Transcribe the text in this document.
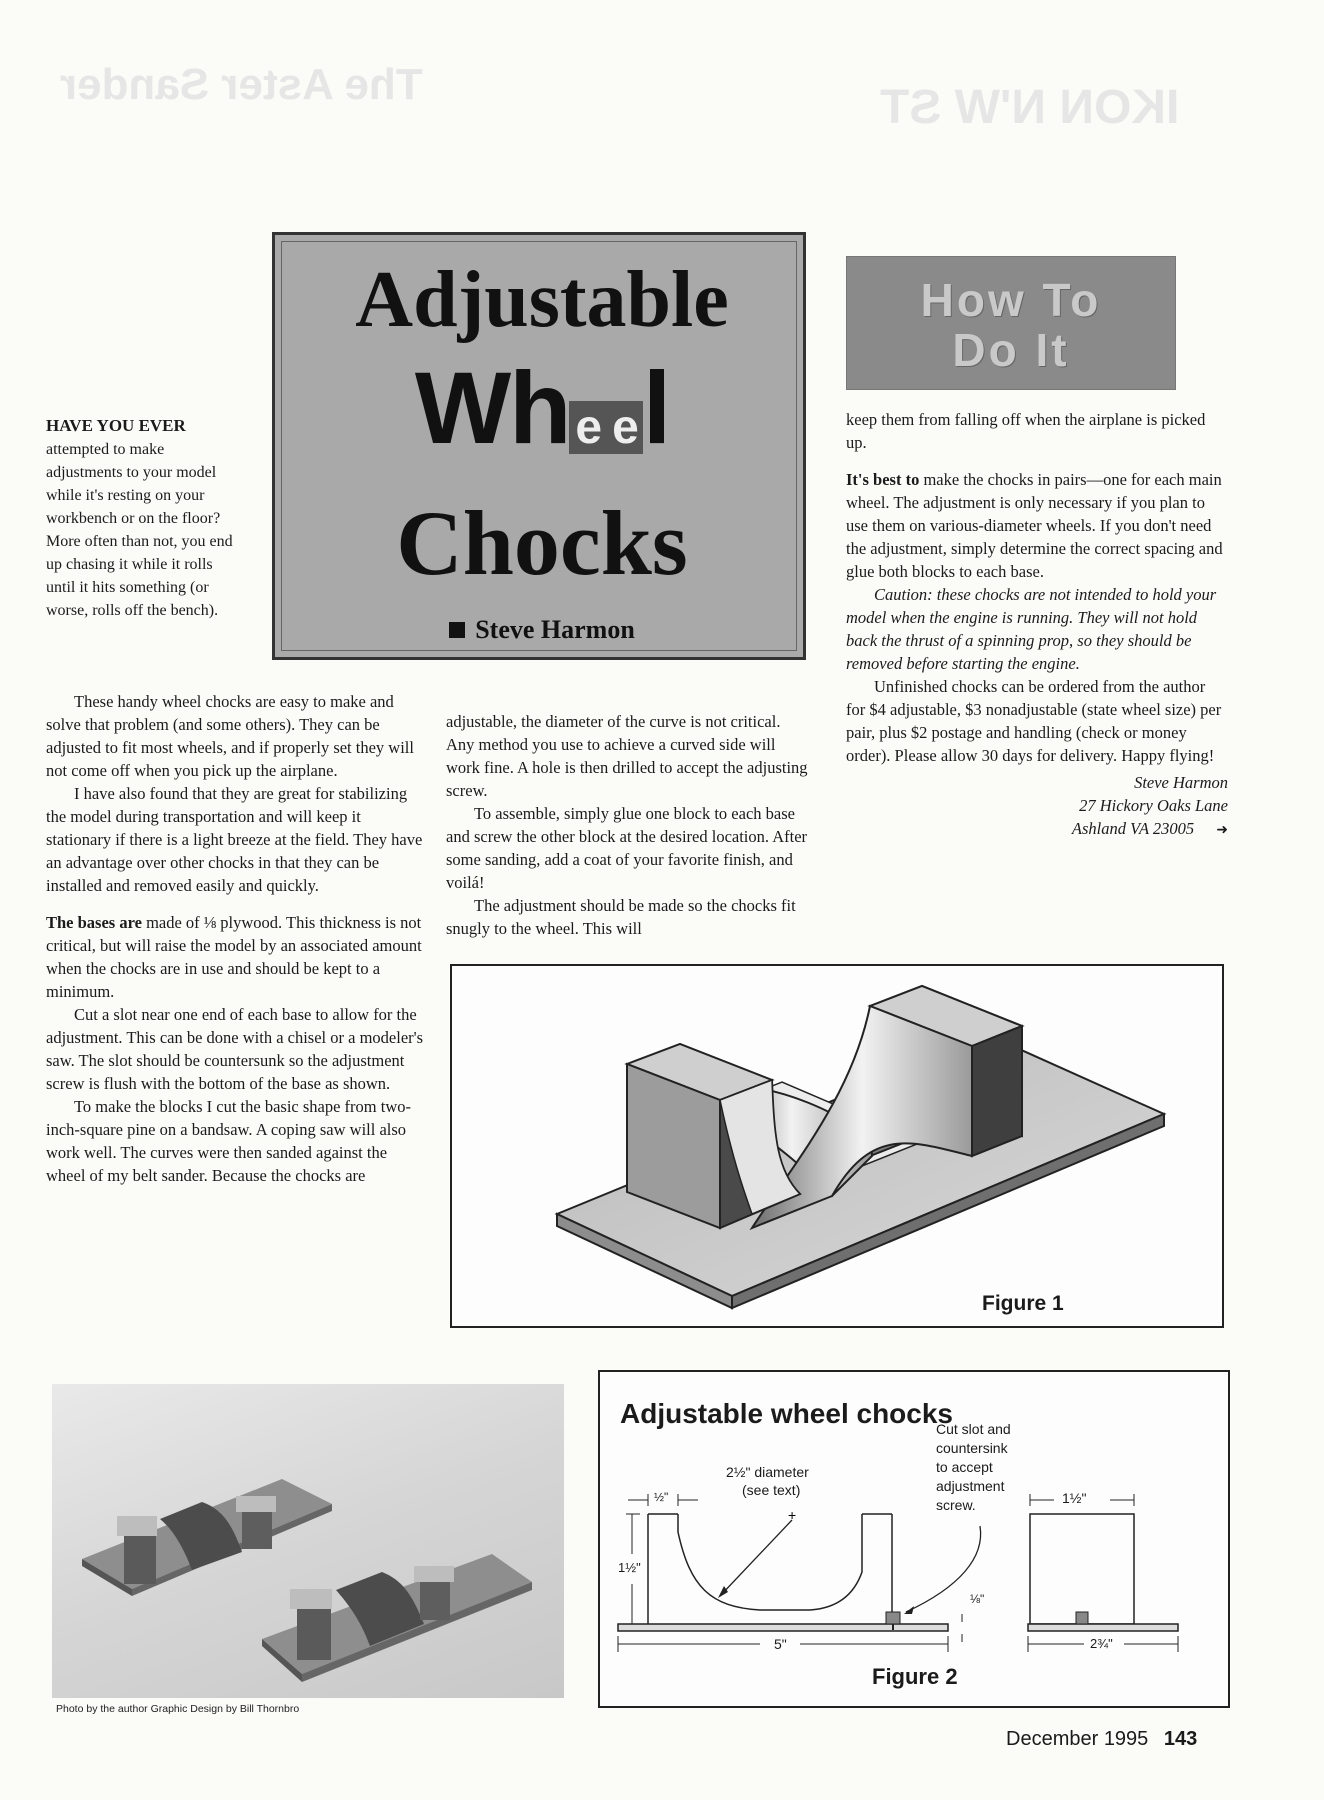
The Aster Sander	IKON N'W ST
Adjustable
Wh e el
Chocks
Steve Harmon
How To
Do It
HAVE YOU EVER
attempted to make adjustments to your model while it's resting on your workbench or on the floor? More often than not, you end up chasing it while it rolls until it hits something (or worse, rolls off the bench).

These handy wheel chocks are easy to make and solve that problem (and some others). They can be adjusted to fit most wheels, and if properly set they will not come off when you pick up the airplane.

I have also found that they are great for stabilizing the model during transportation and will keep it stationary if there is a light breeze at the field. They have an advantage over other chocks in that they can be installed and removed easily and quickly.

The bases are made of ⅛ plywood. This thickness is not critical, but will raise the model by an associated amount when the chocks are in use and should be kept to a minimum.

Cut a slot near one end of each base to allow for the adjustment. This can be done with a chisel or a modeler's saw. The slot should be countersunk so the adjustment screw is flush with the bottom of the base as shown.

To make the blocks I cut the basic shape from two-inch-square pine on a bandsaw. A coping saw will also work well. The curves were then sanded against the wheel of my belt sander. Because the chocks are

adjustable, the diameter of the curve is not critical. Any method you use to achieve a curved side will work fine. A hole is then drilled to accept the adjusting screw.

To assemble, simply glue one block to each base and screw the other block at the desired location. After some sanding, add a coat of your favorite finish, and voilá!

The adjustment should be made so the chocks fit snugly to the wheel. This will

keep them from falling off when the airplane is picked up.

It's best to make the chocks in pairs—one for each main wheel. The adjustment is only necessary if you plan to use them on various-diameter wheels. If you don't need the adjustment, simply determine the correct spacing and glue both blocks to each base.

Caution: these chocks are not intended to hold your model when the engine is running. They will not hold back the thrust of a spinning prop, so they should be removed before starting the engine.

Unfinished chocks can be ordered from the author for $4 adjustable, $3 nonadjustable (state wheel size) per pair, plus $2 postage and handling (check or money order). Please allow 30 days for delivery. Happy flying!

Steve Harmon
27 Hickory Oaks Lane
Ashland VA 23005 ➜
Figure 1
Photo by the author Graphic Design by Bill Thornbro
Adjustable wheel chocks
+
2½" diameter
(see text)
Cut slot and
countersink
to accept
adjustment
screw.
½"
1½"
5"
⅛"
1½"
2¾"
Figure 2
December 1995 143
